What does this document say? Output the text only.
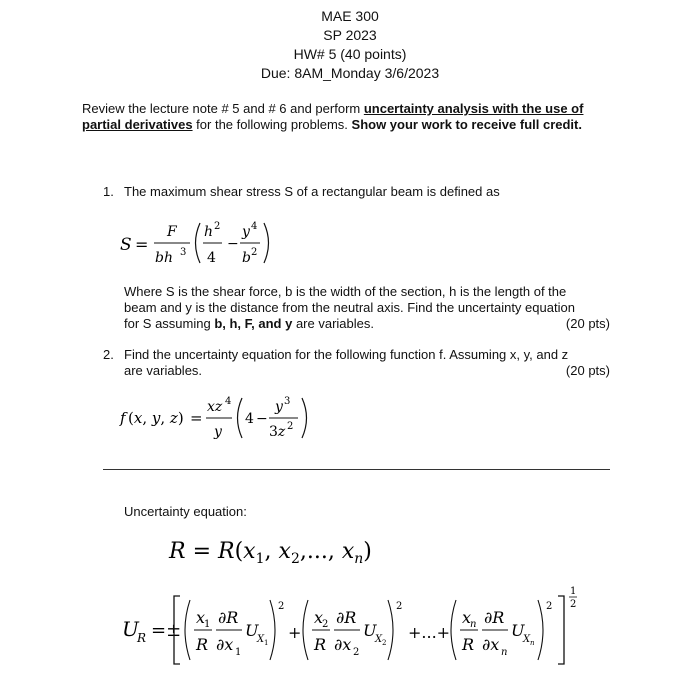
MAE 300
SP 2023
HW# 5 (40 points)
Due: 8AM_Monday 3/6/2023
Review the lecture note # 5 and # 6 and perform uncertainty analysis with the use of partial derivatives for the following problems. Show your work to receive full credit.
1. The maximum shear stress S of a rectangular beam is defined as
S =
F
bh 3
h 2
4
−
y 4
b 2
Where S is the shear force, b is the width of the section, h is the length of the
beam and y is the distance from the neutral axis. Find the uncertainty equation
for S assuming b, h, F, and y are variables.	(20 pts)
2. Find the uncertainty equation for the following function f. Assuming x, y, and z
are variables.	(20 pts)
f (x, y, z) =
xz 4
y
4 −
y 3
3z 2
Uncertainty equation:
$R = R(x_1$, $x_2$,..., $x_n$)
U
R =±
x
1
R
∂R
∂x 1
U
X 1
2
+
x
2
R
∂R
∂x 2
U
X 2
2
+...+
x
n
R
∂R
∂x n
U
X n
2
1
2
